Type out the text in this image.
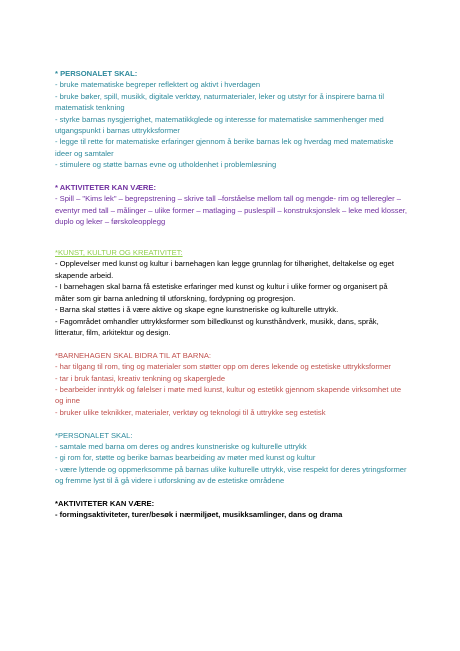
* PERSONALET SKAL:

- bruke matematiske begreper reflektert og aktivt i hverdagen

- bruke bøker, spill, musikk, digitale verktøy, naturmaterialer, leker og utstyr for å inspirere barna til matematisk tenkning

- styrke barnas nysgjerrighet, matematikkglede og interesse for matematiske sammenhenger med utgangspunkt i barnas uttrykksformer

- legge til rette for matematiske erfaringer gjennom å berike barnas lek og hverdag med matematiske ideer og samtaler

- stimulere og støtte barnas evne og utholdenhet i problemløsning

* AKTIVITETER KAN VÆRE:

- Spill – "Kims lek" – begrepstrening – skrive tall –forståelse mellom tall og mengde- rim og telleregler – eventyr med tall – målinger – ulike former – matlaging – puslespill – konstruksjonslek – leke med klosser, duplo og leker – førskoleopplegg

*KUNST, KULTUR OG KREATIVITET:

- Opplevelser med kunst og kultur i barnehagen kan legge grunnlag for tilhørighet, deltakelse og eget skapende arbeid.

- I barnehagen skal barna få estetiske erfaringer med kunst og kultur i ulike former og organisert på måter som gir barna anledning til utforskning, fordypning og progresjon.

- Barna skal støttes i å være aktive og skape egne kunstneriske og kulturelle uttrykk.

- Fagområdet omhandler uttrykksformer som billedkunst og kunsthåndverk, musikk, dans, språk, litteratur, film, arkitektur og design.

*BARNEHAGEN SKAL BIDRA TIL AT BARNA:

- har tilgang til rom, ting og materialer som støtter opp om deres lekende og estetiske uttrykksformer

- tar i bruk fantasi, kreativ tenkning og skaperglede

- bearbeider inntrykk og følelser i møte med kunst, kultur og estetikk gjennom skapende virksomhet ute og inne

- bruker ulike teknikker, materialer, verktøy og teknologi til å uttrykke seg estetisk

*PERSONALET SKAL:

- samtale med barna om deres og andres kunstneriske og kulturelle uttrykk

- gi rom for, støtte og berike barnas bearbeiding av møter med kunst og kultur

- være lyttende og oppmerksomme på barnas ulike kulturelle uttrykk, vise respekt for deres ytringsformer og fremme lyst til å gå videre i utforskning av de estetiske områdene

*AKTIVITETER KAN VÆRE:

- formingsaktiviteter, turer/besøk i nærmiljøet, musikksamlinger, dans og drama
